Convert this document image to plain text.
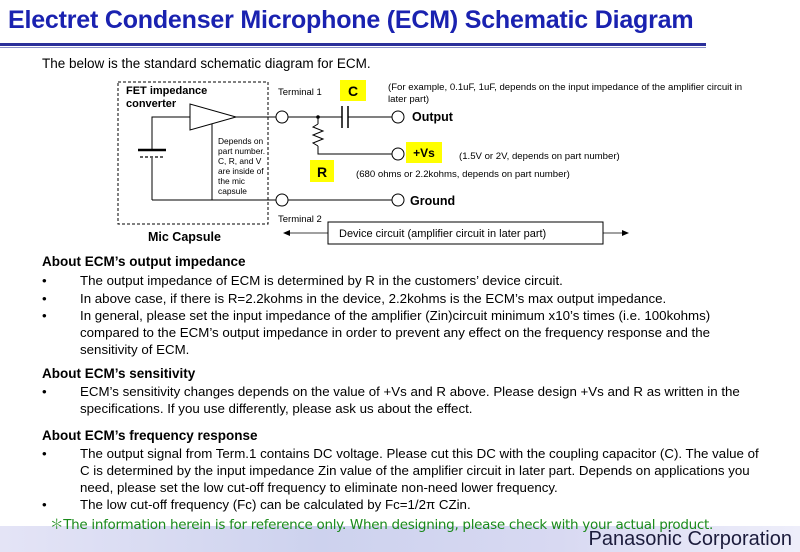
Electret Condenser Microphone (ECM) Schematic Diagram
The below is the standard schematic diagram for ECM.
FET impedance
converter
Depends on
part number.
C, R, and V
are inside of
the mic
capsule
Mic Capsule
Terminal 1
Terminal 2
C	(For example, 0.1uF, 1uF, depends on the input impedance of the amplifier circuit in
later part)
Output
+Vs	(1.5V or 2V, depends on part number)
R	(680 ohms or 2.2kohms, depends on part number)
Ground
Device circuit (amplifier circuit in later part)
About ECM’s output impedance
•	The output impedance of ECM is determined by R in the customers’ device circuit.
•	In above case, if there is R=2.2kohms in the device, 2.2kohms is the ECM’s max output impedance.
•	In general, please set the input impedance of the amplifier (Zin)circuit minimum x10’s times (i.e. 100kohms) compared to the ECM’s output impedance in order to prevent any effect on the frequency response and the sensitivity of ECM.
About ECM’s sensitivity
•	ECM’s sensitivity changes depends on the value of +Vs and R above. Please design +Vs and R as written in the specifications. If you use differently, please ask us about the effect.
About ECM’s frequency response
•	The output signal from Term.1 contains DC voltage. Please cut this DC with the coupling capacitor (C). The value of C is determined by the input impedance Zin value of the amplifier circuit in later part. Depends on applications you need, please set the low cut-off frequency to eliminate non-need lower frequency.
•	The low cut-off frequency (Fc) can be calculated by Fc=1/2π CZin.
＊The information herein is for reference only. When designing, please check with your actual product.
Panasonic Corporation
